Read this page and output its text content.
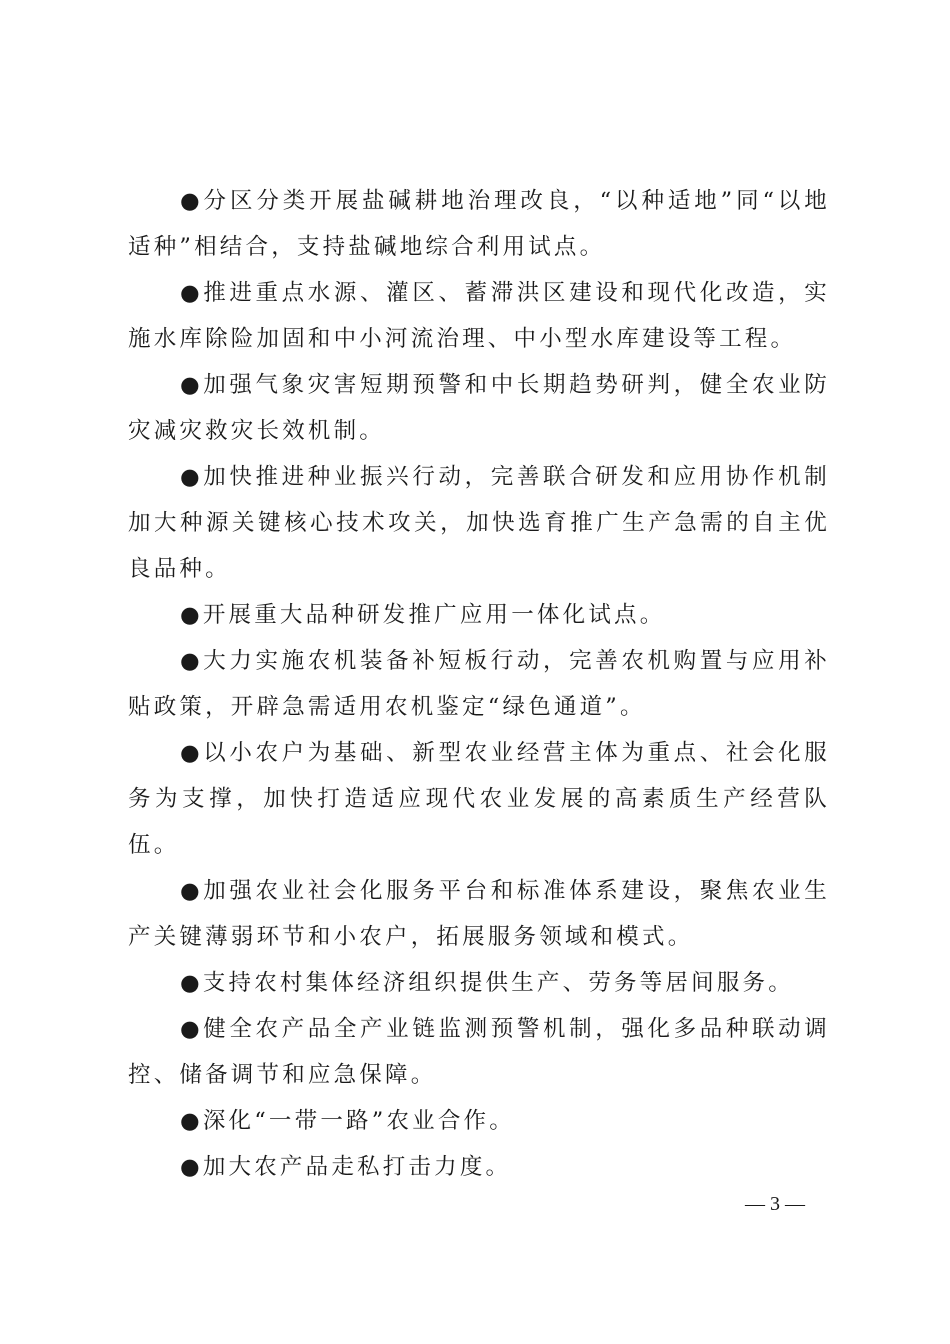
●分区分类开展盐碱耕地治理改良，“以种适地”同“以地适种”相结合，支持盐碱地综合利用试点。

●推进重点水源、灌区、蓄滞洪区建设和现代化改造，实施水库除险加固和中小河流治理、中小型水库建设等工程。

●加强气象灾害短期预警和中长期趋势研判，健全农业防灾减灾救灾长效机制。

●加快推进种业振兴行动，完善联合研发和应用协作机制加大种源关键核心技术攻关，加快选育推广生产急需的自主优良品种。

●开展重大品种研发推广应用一体化试点。

●大力实施农机装备补短板行动，完善农机购置与应用补贴政策，开辟急需适用农机鉴定“绿色通道”。

●以小农户为基础、新型农业经营主体为重点、社会化服务为支撑，加快打造适应现代农业发展的高素质生产经营队伍。

●加强农业社会化服务平台和标准体系建设，聚焦农业生产关键薄弱环节和小农户，拓展服务领域和模式。

●支持农村集体经济组织提供生产、劳务等居间服务。

●健全农产品全产业链监测预警机制，强化多品种联动调控、储备调节和应急保障。

●深化“一带一路”农业合作。

●加大农产品走私打击力度。

— 3 —
